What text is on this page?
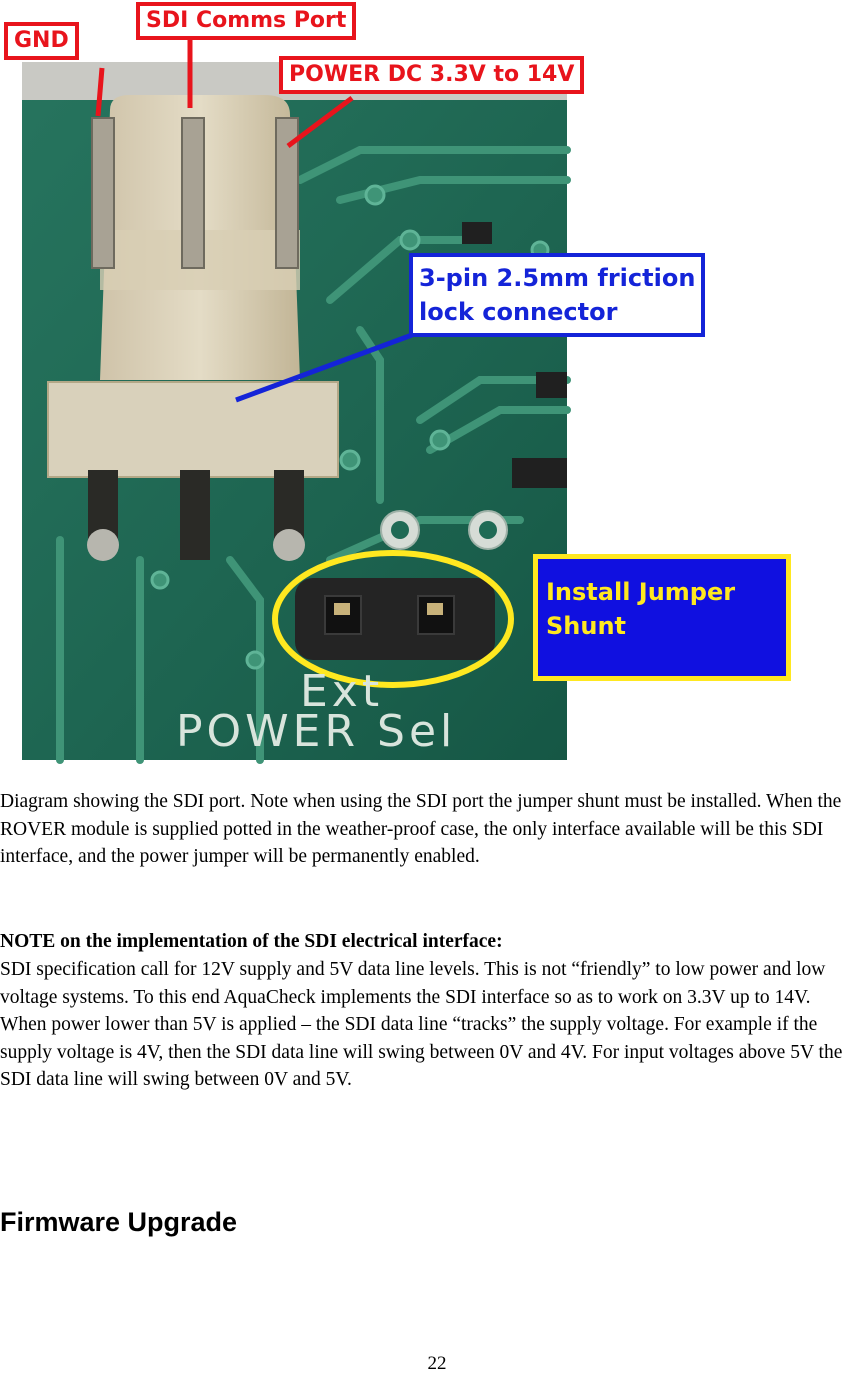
GND
SDI Comms Port
POWER DC 3.3V to 14V
3-pin 2.5mm friction
lock connector
Install Jumper
Shunt
Ext
POWER Sel
Diagram showing the SDI port. Note when using the SDI port the jumper shunt must be installed. When the ROVER module is supplied potted in the weather-proof case, the only interface available will be this SDI interface, and the power jumper will be permanently enabled.
NOTE on the implementation of the SDI electrical interface:
SDI specification call for 12V supply and 5V data line levels. This is not “friendly” to low power and low voltage systems. To this end AquaCheck implements the SDI interface so as to work on 3.3V up to 14V. When power lower than 5V is applied – the SDI data line “tracks” the supply voltage. For example if the supply voltage is 4V, then the SDI data line will swing between 0V and 4V. For input voltages above 5V the SDI data line will swing between 0V and 5V.
Firmware Upgrade
22
